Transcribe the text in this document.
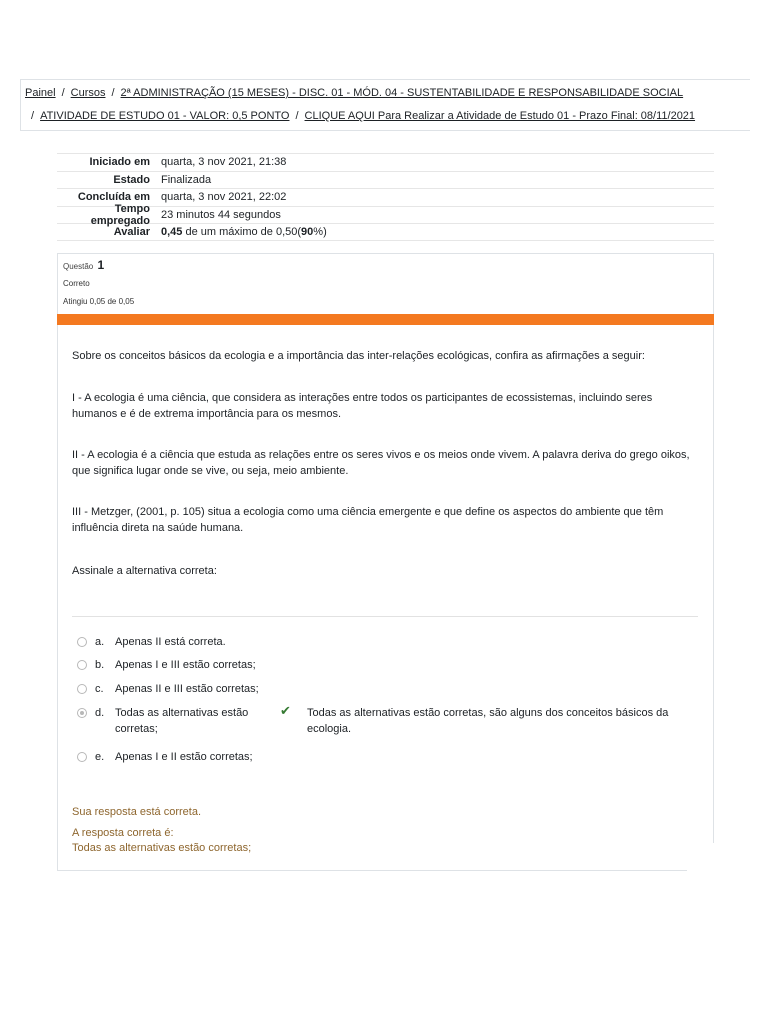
Painel / Cursos / 2ª ADMINISTRAÇÃO (15 MESES) - DISC. 01 - MÓD. 04 - SUSTENTABILIDADE E RESPONSABILIDADE SOCIAL
/ ATIVIDADE DE ESTUDO 01 - VALOR: 0,5 PONTO / CLIQUE AQUI Para Realizar a Atividade de Estudo 01 - Prazo Final: 08/11/2021
Iniciado em	quarta, 3 nov 2021, 21:38
Estado	Finalizada
Concluída em	quarta, 3 nov 2021, 22:02
Tempo empregado	23 minutos 44 segundos
Avaliar	0,45 de um máximo de 0,50(90%)
Questão 1
Correto
Atingiu 0,05 de 0,05
Sobre os conceitos básicos da ecologia e a importância das inter-relações ecológicas, confira as afirmações a seguir:
I - A ecologia é uma ciência, que considera as interações entre todos os participantes de ecossistemas, incluindo seres humanos e é de extrema importância para os mesmos.
II - A ecologia é a ciência que estuda as relações entre os seres vivos e os meios onde vivem. A palavra deriva do grego oikos, que significa lugar onde se vive, ou seja, meio ambiente.
III - Metzger, (2001, p. 105) situa a ecologia como uma ciência emergente e que define os aspectos do ambiente que têm influência direta na saúde humana.
Assinale a alternativa correta:
a. Apenas II está correta.
b. Apenas I e III estão corretas;
c. Apenas II e III estão corretas;
d. Todas as alternativas estão corretas;
✔ Todas as alternativas estão corretas, são alguns dos conceitos básicos da ecologia.
e. Apenas I e II estão corretas;
Sua resposta está correta.
A resposta correta é:
Todas as alternativas estão corretas;
